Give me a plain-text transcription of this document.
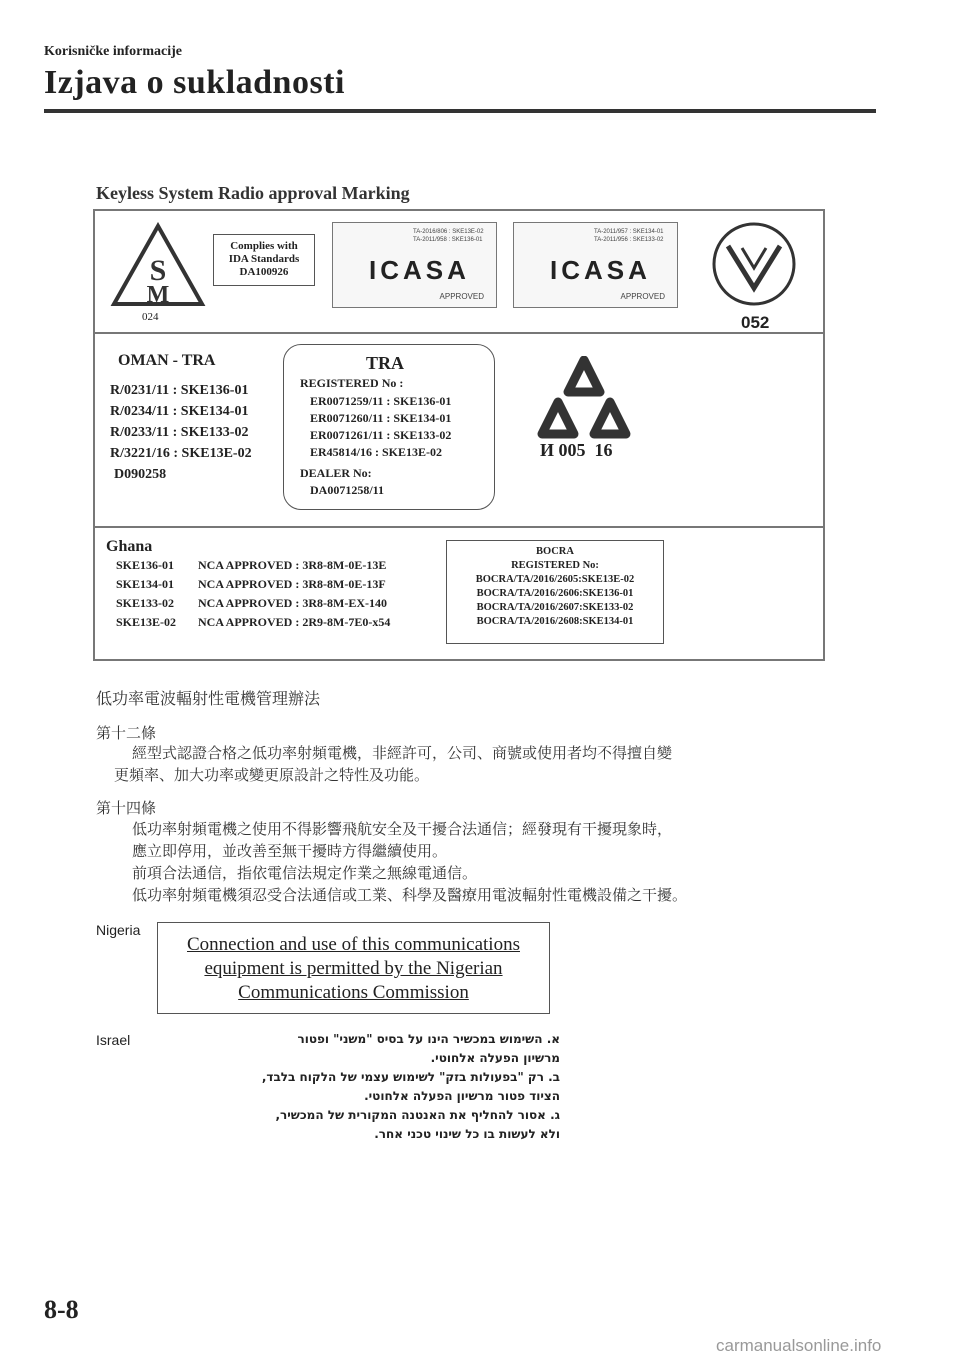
Korisničke informacije
Izjava o sukladnosti
Keyless System Radio approval Marking
S
M
024
Complies with
IDA Standards
DA100926
TA-2016/806 : SKE13E-02
TA-2011/958 : SKE136-01
ICASA
APPROVED
TA-2011/957 : SKE134-01
TA-2011/956 : SKE133-02
ICASA
APPROVED
052
OMAN - TRA
R/0231/11 : SKE136-01
R/0234/11 : SKE134-01
R/0233/11 : SKE133-02
R/3221/16 : SKE13E-02
D090258
TRA
REGISTERED No :
ER0071259/11 : SKE136-01
ER0071260/11 : SKE134-01
ER0071261/11 : SKE133-02
ER45814/16 : SKE13E-02
DEALER No:
DA0071258/11
И 005  16
Ghana
SKE136-01 NCA APPROVED : 3R8-8M-0E-13E
SKE134-01 NCA APPROVED : 3R8-8M-0E-13F
SKE133-02 NCA APPROVED : 3R8-8M-EX-140
SKE13E-02 NCA APPROVED : 2R9-8M-7E0-x54
BOCRA
REGISTERED No:
BOCRA/TA/2016/2605:SKE13E-02
BOCRA/TA/2016/2606:SKE136-01
BOCRA/TA/2016/2607:SKE133-02
BOCRA/TA/2016/2608:SKE134-01
低功率電波輻射性電機管理辦法
第十二條
經型式認證合格之低功率射頻電機，非經許可，公司、商號或使用者均不得擅自變
更頻率、加大功率或變更原設計之特性及功能。
第十四條
低功率射頻電機之使用不得影響飛航安全及干擾合法通信；經發現有干擾現象時，
應立即停用，並改善至無干擾時方得繼續使用。
前項合法通信，指依電信法規定作業之無線電通信。
低功率射頻電機須忍受合法通信或工業、科學及醫療用電波輻射性電機設備之干擾。
Nigeria
Connection and use of this communications
equipment is permitted by the Nigerian
Communications Commission
Israel	א. השימוש במכשיר הינו על בסיס "משני" ופטור
מרשיון הפעלה אלחוטי.
ב. רק "בפעולות בזק" לשימוש עצמי של הלקוח בלבד,
הציוד פטור מרשיון הפעלה אלחוטי.
ג. אסור להחליף את האנטנה המקורית של המכשיר,
ולא לעשות בו כל שינוי טכני אחר.
8-8
carmanualsonline.info
